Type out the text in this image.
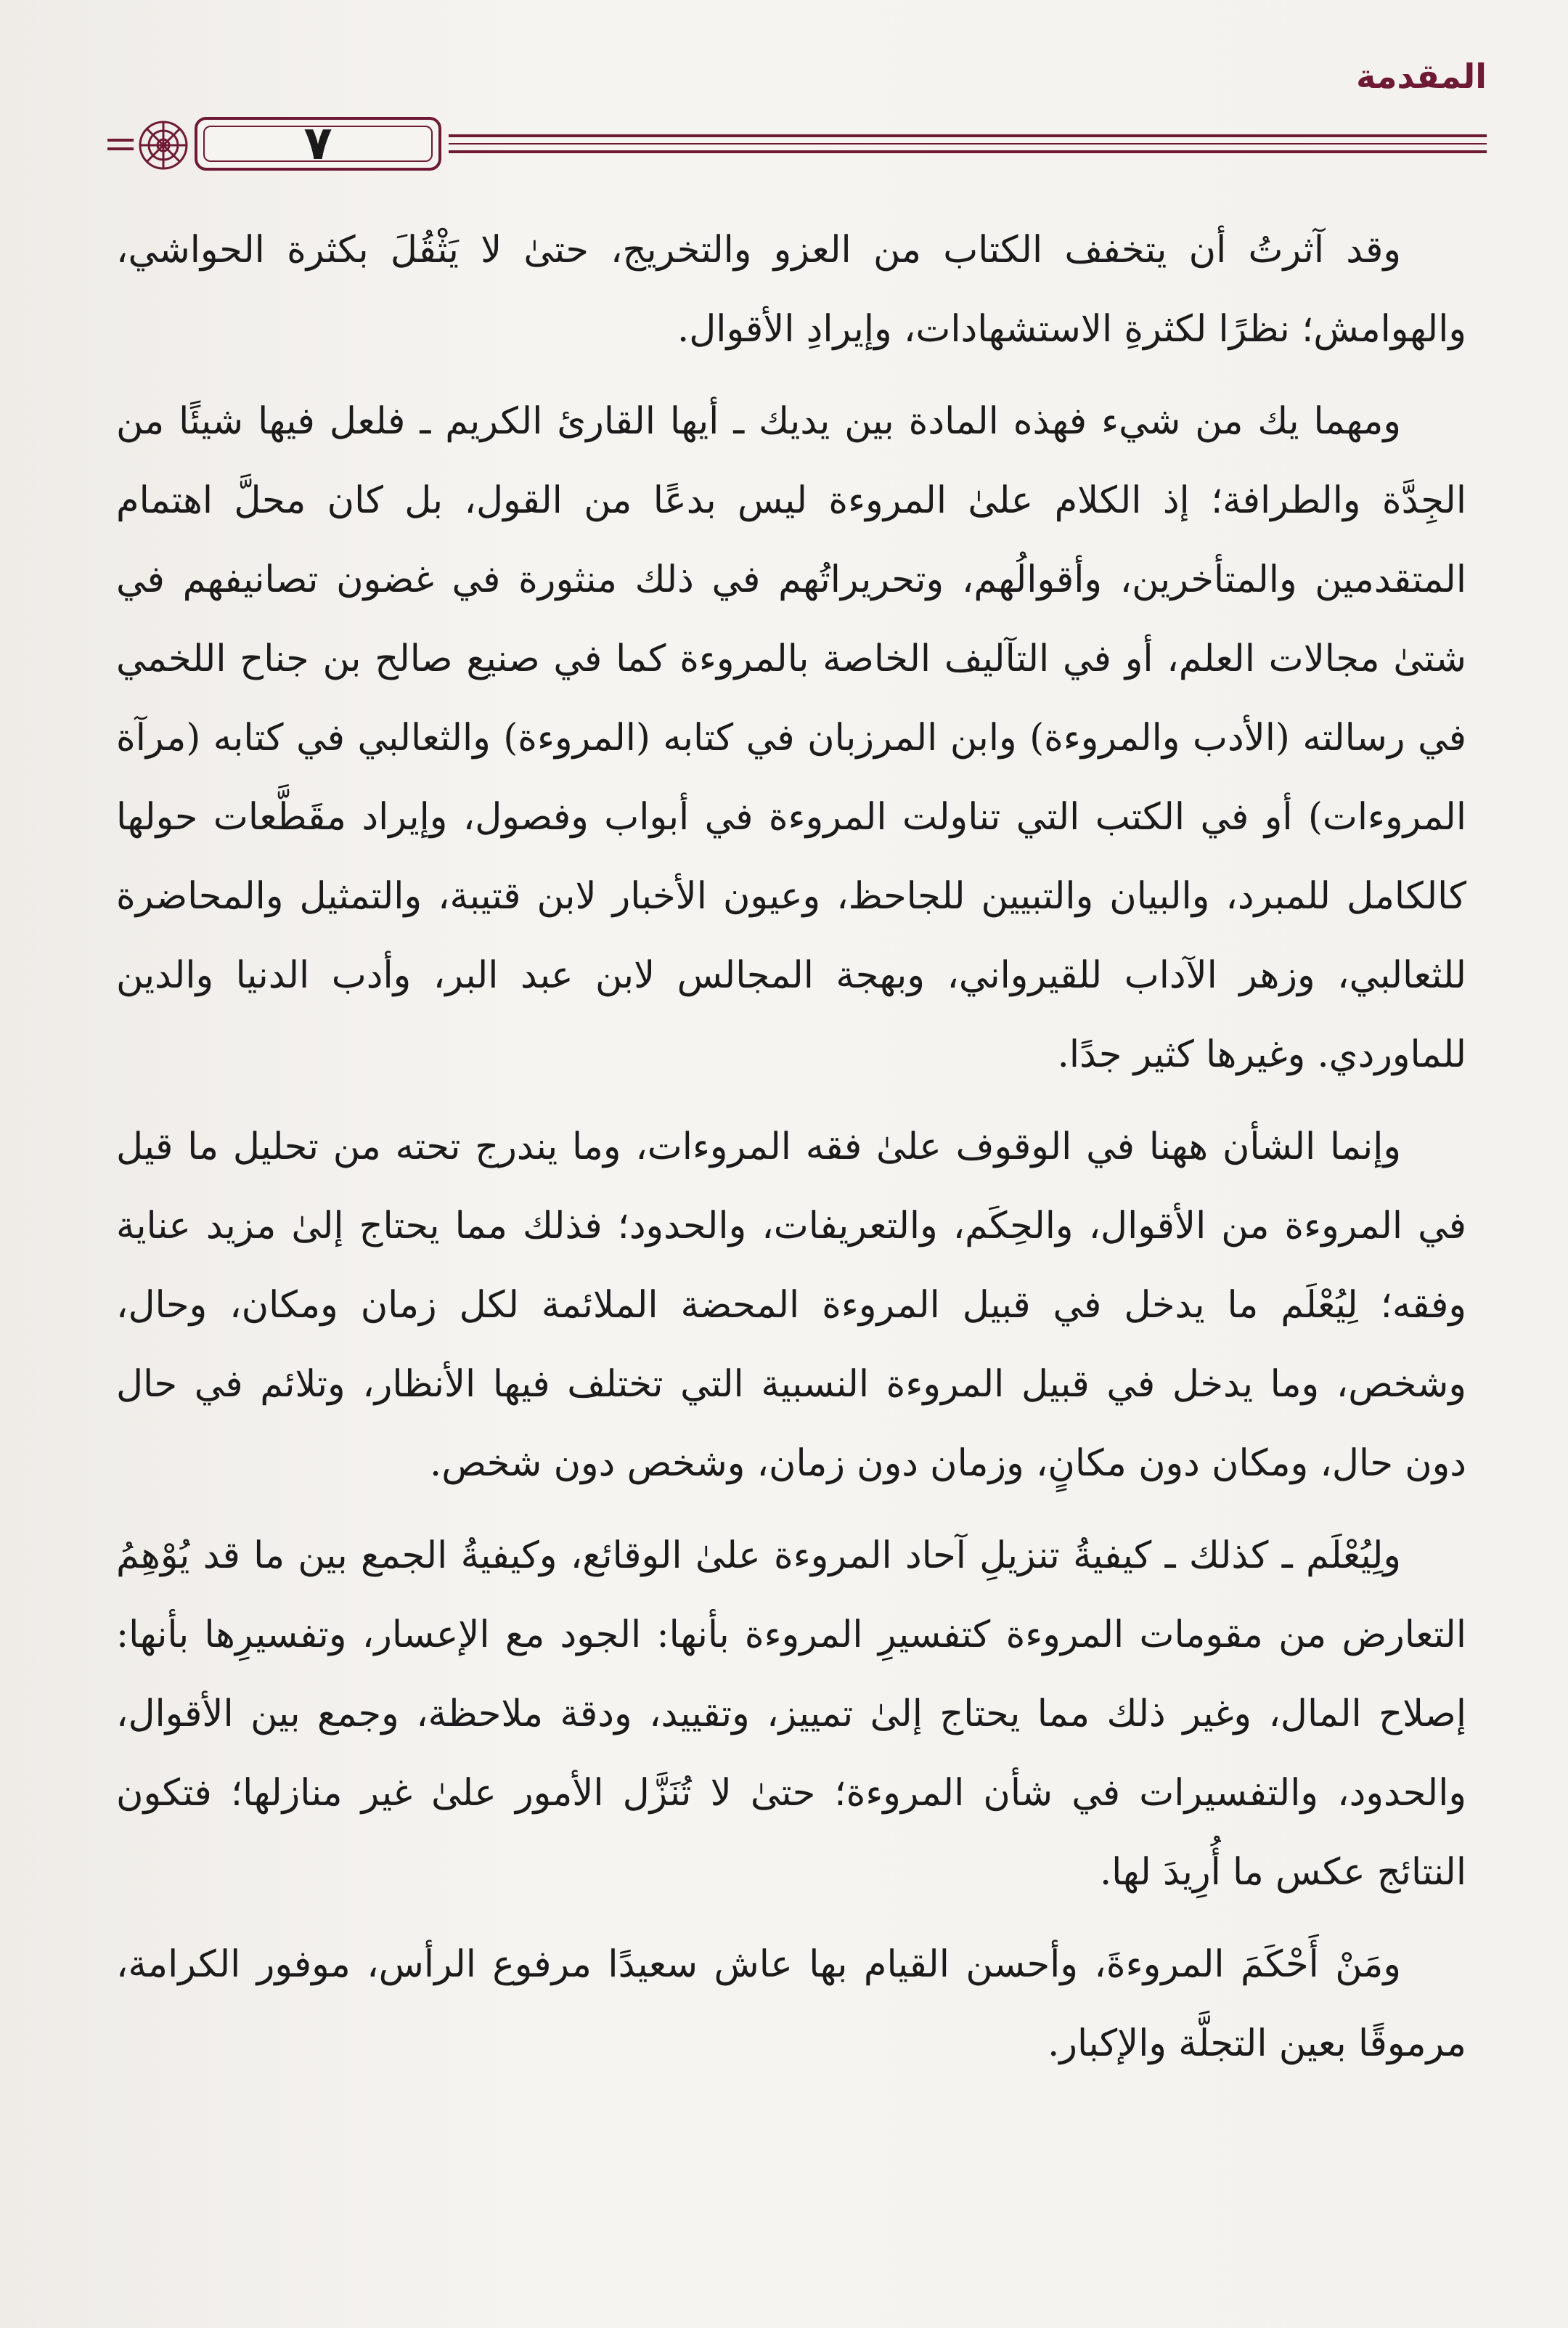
المقدمة
٧

وقد آثرتُ أن يتخفف الكتاب من العزو والتخريج، حتىٰ لا يَثْقُلَ بكثرة الحواشي، والهوامش؛ نظرًا لكثرةِ الاستشهادات، وإيرادِ الأقوال.

ومهما يك من شيء فهذه المادة بين يديك ـ أيها القارئ الكريم ـ فلعل فيها شيئًا من الجِدَّة والطرافة؛ إذ الكلام علىٰ المروءة ليس بدعًا من القول، بل كان محلَّ اهتمام المتقدمين والمتأخرين، وأقوالُهم، وتحريراتُهم في ذلك منثورة في غضون تصانيفهم في شتىٰ مجالات العلم، أو في التآليف الخاصة بالمروءة كما في صنيع صالح بن جناح اللخمي في رسالته (الأدب والمروءة) وابن المرزبان في كتابه (المروءة) والثعالبي في كتابه (مرآة المروءات) أو في الكتب التي تناولت المروءة في أبواب وفصول، وإيراد مقَطَّعات حولها كالكامل للمبرد، والبيان والتبيين للجاحظ، وعيون الأخبار لابن قتيبة، والتمثيل والمحاضرة للثعالبي، وزهر الآداب للقيرواني، وبهجة المجالس لابن عبد البر، وأدب الدنيا والدين للماوردي. وغيرها كثير جدًا.

وإنما الشأن ههنا في الوقوف علىٰ فقه المروءات، وما يندرج تحته من تحليل ما قيل في المروءة من الأقوال، والحِكَم، والتعريفات، والحدود؛ فذلك مما يحتاج إلىٰ مزيد عناية وفقه؛ لِيُعْلَم ما يدخل في قبيل المروءة المحضة الملائمة لكل زمان ومكان، وحال، وشخص، وما يدخل في قبيل المروءة النسبية التي تختلف فيها الأنظار، وتلائم في حال دون حال، ومكان دون مكانٍ، وزمان دون زمان، وشخص دون شخص.

ولِيُعْلَم ـ كذلك ـ كيفيةُ تنزيلِ آحاد المروءة علىٰ الوقائع، وكيفيةُ الجمع بين ما قد يُوْهِمُ التعارض من مقومات المروءة كتفسيرِ المروءة بأنها: الجود مع الإعسار، وتفسيرِها بأنها: إصلاح المال، وغير ذلك مما يحتاج إلىٰ تمييز، وتقييد، ودقة ملاحظة، وجمع بين الأقوال، والحدود، والتفسيرات في شأن المروءة؛ حتىٰ لا تُنَزَّل الأمور علىٰ غير منازلها؛ فتكون النتائج عكس ما أُرِيدَ لها.

ومَنْ أَحْكَمَ المروءةَ، وأحسن القيام بها عاش سعيدًا مرفوع الرأس، موفور الكرامة، مرموقًا بعين التجلَّة والإكبار.
